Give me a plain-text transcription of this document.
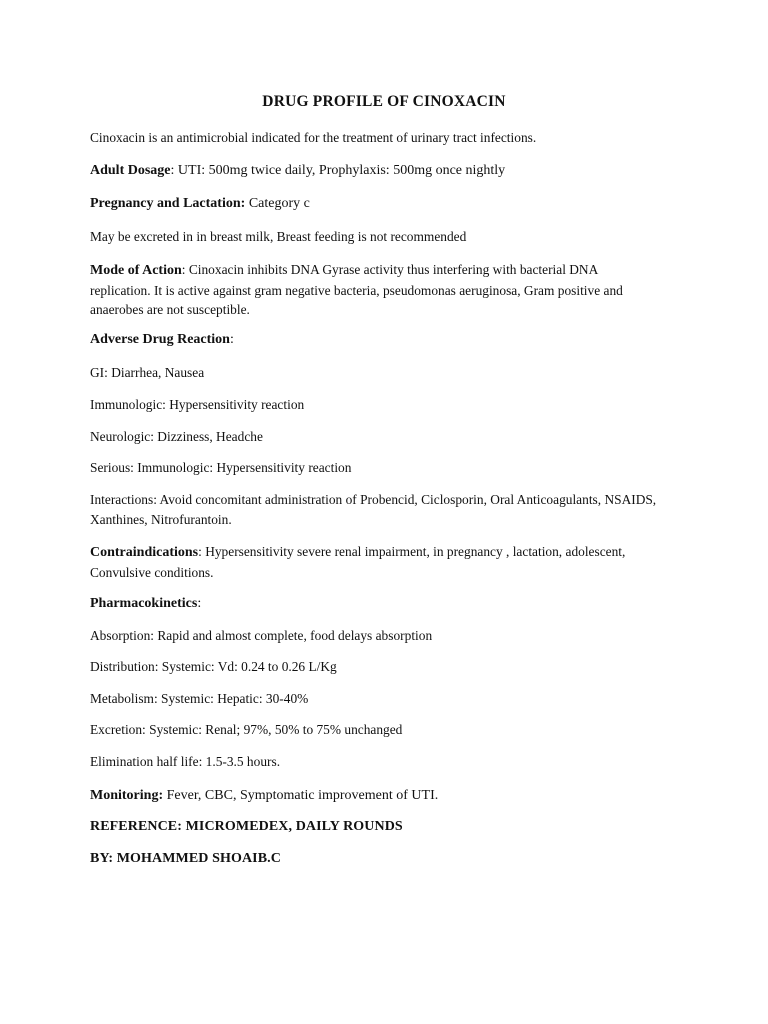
DRUG PROFILE OF CINOXACIN
Cinoxacin is an antimicrobial indicated for the treatment of urinary tract infections.
Adult Dosage: UTI: 500mg twice daily, Prophylaxis: 500mg once nightly
Pregnancy and Lactation: Category c
May be excreted in in breast milk, Breast feeding is not recommended
Mode of Action: Cinoxacin inhibits DNA Gyrase activity thus interfering with bacterial DNA replication. It is active against gram negative bacteria, pseudomonas aeruginosa, Gram positive and anaerobes are not susceptible.
Adverse Drug Reaction:
GI: Diarrhea, Nausea
Immunologic: Hypersensitivity reaction
Neurologic: Dizziness, Headche
Serious: Immunologic: Hypersensitivity reaction
Interactions: Avoid concomitant administration of Probencid, Ciclosporin, Oral Anticoagulants, NSAIDS, Xanthines, Nitrofurantoin.
Contraindications: Hypersensitivity severe renal impairment, in pregnancy , lactation, adolescent, Convulsive conditions.
Pharmacokinetics:
Absorption: Rapid and almost complete, food delays absorption
Distribution: Systemic: Vd: 0.24 to 0.26 L/Kg
Metabolism: Systemic: Hepatic: 30-40%
Excretion: Systemic: Renal; 97%, 50% to 75% unchanged
Elimination half life: 1.5-3.5 hours.
Monitoring: Fever, CBC, Symptomatic improvement of UTI.
REFERENCE: MICROMEDEX, DAILY ROUNDS
BY: MOHAMMED SHOAIB.C
